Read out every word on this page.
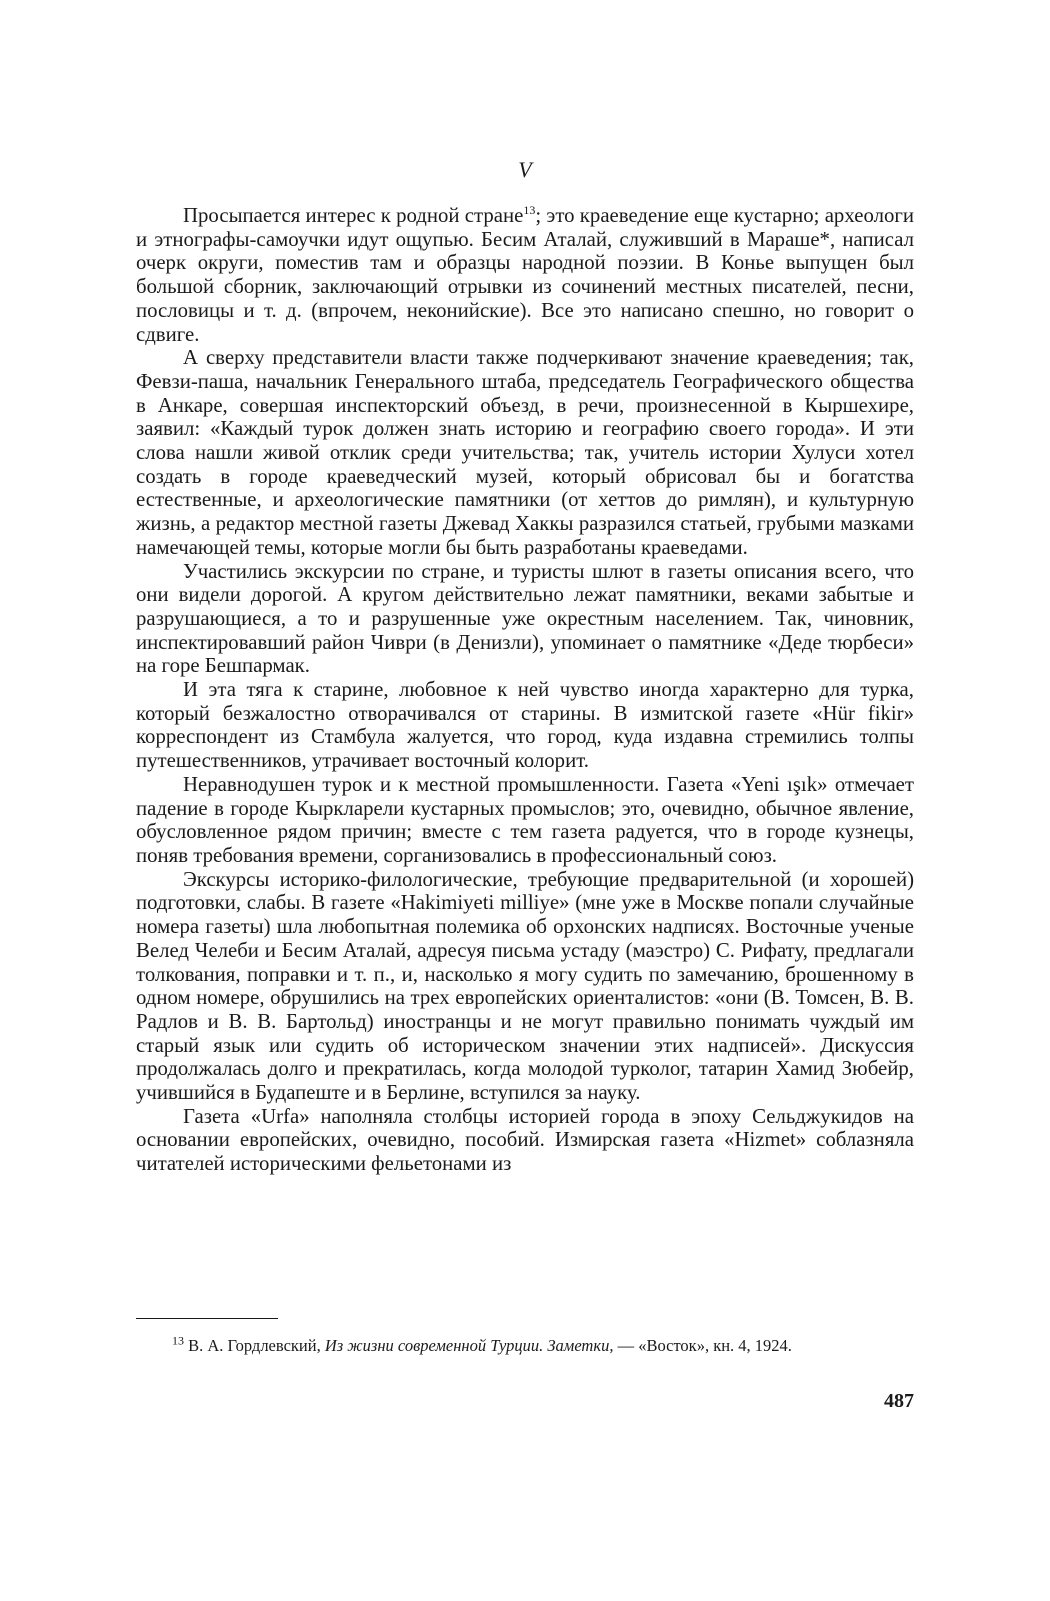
V

Просыпается интерес к родной стране$^{13}$; это краеведение еще кустарно; археологи и этнографы-самоучки идут ощупью. Бесим Аталай, служивший в Мараше*, написал очерк округи, поместив там и образцы народной поэзии. В Конье выпущен был большой сборник, заключающий отрывки из сочинений местных писателей, песни, пословицы и т. д. (впрочем, неконийские). Все это написано спешно, но говорит о сдвиге.

А сверху представители власти также подчеркивают значение краеведения; так, Февзи-паша, начальник Генерального штаба, председатель Географического общества в Анкаре, совершая инспекторский объезд, в речи, произнесенной в Кыршехире, заявил: «Каждый турок должен знать историю и географию своего города». И эти слова нашли живой отклик среди учительства; так, учитель истории Хулуси хотел создать в городе краеведческий музей, который обрисовал бы и богатства естественные, и археологические памятники (от хеттов до римлян), и культурную жизнь, а редактор местной газеты Джевад Хаккы разразился статьей, грубыми мазками намечающей темы, которые могли бы быть разработаны краеведами.

Участились экскурсии по стране, и туристы шлют в газеты описания всего, что они видели дорогой. А кругом действительно лежат памятники, веками забытые и разрушающиеся, а то и разрушенные уже окрестным населением. Так, чиновник, инспектировавший район Чиври (в Денизли), упоминает о памятнике «Деде тюрбеси» на горе Бешпармак.

И эта тяга к старине, любовное к ней чувство иногда характерно для турка, который безжалостно отворачивался от старины. В измитской газете «Hür fikir» корреспондент из Стамбула жалуется, что город, куда издавна стремились толпы путешественников, утрачивает восточный колорит.

Неравнодушен турок и к местной промышленности. Газета «Yeni ışık» отмечает падение в городе Кыркларели кустарных промыслов; это, очевидно, обычное явление, обусловленное рядом причин; вместе с тем газета радуется, что в городе кузнецы, поняв требования времени, сорганизовались в профессиональный союз.

Экскурсы историко-филологические, требующие предварительной (и хорошей) подготовки, слабы. В газете «Hakimiyeti milliye» (мне уже в Москве попали случайные номера газеты) шла любопытная полемика об орхонских надписях. Восточные ученые Велед Челеби и Бесим Аталай, адресуя письма устаду (маэстро) С. Рифату, предлагали толкования, поправки и т. п., и, насколько я могу судить по замечанию, брошенному в одном номере, обрушились на трех европейских ориенталистов: «они (В. Томсен, В. В. Радлов и В. В. Бартольд) иностранцы и не могут правильно понимать чуждый им старый язык или судить об историческом значении этих надписей». Дискуссия продолжалась долго и прекратилась, когда молодой турколог, татарин Хамид Зюбейр, учившийся в Будапеште и в Берлине, вступился за науку.

Газета «Urfa» наполняла столбцы историей города в эпоху Сельджукидов на основании европейских, очевидно, пособий. Измирская газета «Hizmet» соблазняла читателей историческими фельетонами из

$^{13}$ В. А. Гордлевский, Из жизни современной Турции. Заметки, — «Восток», кн. 4, 1924.

487
